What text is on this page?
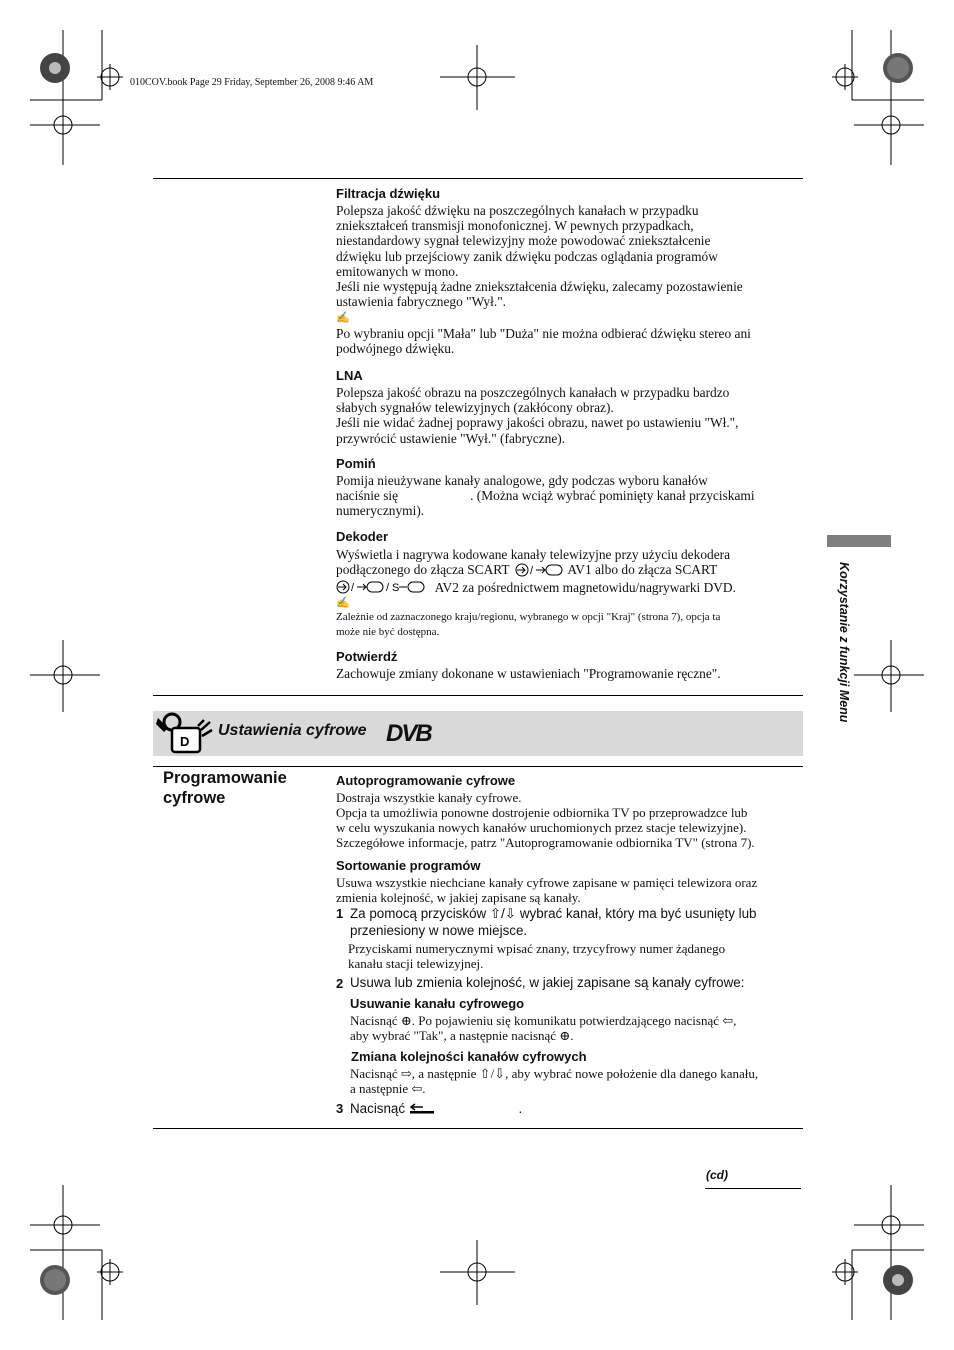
010COV.book Page 29 Friday, September 26, 2008 9:46 AM
Filtracja dźwięku
Polepsza jakość dźwięku na poszczególnych kanałach w przypadku
zniekształceń transmisji monofonicznej. W pewnych przypadkach,
niestandardowy sygnał telewizyjny może powodować zniekształcenie
dźwięku lub przejściowy zanik dźwięku podczas oglądania programów
emitowanych w mono.
Jeśli nie występują żadne zniekształcenia dźwięku, zalecamy pozostawienie
ustawienia fabrycznego "Wył.".
✍
Po wybraniu opcji "Mała" lub "Duża" nie można odbierać dźwięku stereo ani
podwójnego dźwięku.
LNA
Polepsza jakość obrazu na poszczególnych kanałach w przypadku bardzo
słabych sygnałów telewizyjnych (zakłócony obraz).
Jeśli nie widać żadnej poprawy jakości obrazu, nawet po ustawieniu "Wł.",
przywrócić ustawienie "Wył." (fabryczne).
Pomiń
Pomija nieużywane kanały analogowe, gdy podczas wyboru kanałów
naciśnie się	. (Można wciąż wybrać pominięty kanał przyciskami
numerycznymi).
Dekoder
Wyświetla i nagrywa kodowane kanały telewizyjne przy użyciu dekodera
podłączonego do złącza SCART /	AV1 albo do złącza SCART
/	/ S	AV2 za pośrednictwem magnetowidu/nagrywarki DVD.
✍
Zależnie od zaznaczonego kraju/regionu, wybranego w opcji "Kraj" (strona 7), opcja ta
może nie być dostępna.
Potwierdź
Zachowuje zmiany dokonane w ustawieniach "Programowanie ręczne".
D
Ustawienia cyfrowe DVB
Programowanie
cyfrowe
Autoprogramowanie cyfrowe
Dostraja wszystkie kanały cyfrowe.
Opcja ta umożliwia ponowne dostrojenie odbiornika TV po przeprowadzce lub
w celu wyszukania nowych kanałów uruchomionych przez stacje telewizyjne).
Szczegółowe informacje, patrz "Autoprogramowanie odbiornika TV" (strona 7).
Sortowanie programów
Usuwa wszystkie niechciane kanały cyfrowe zapisane w pamięci telewizora oraz
zmienia kolejność, w jakiej zapisane są kanały.
1 Za pomocą przycisków ⇧/⇩ wybrać kanał, który ma być usunięty lub
przeniesiony w nowe miejsce.
Przyciskami numerycznymi wpisać znany, trzycyfrowy numer żądanego
kanału stacji telewizyjnej.
2 Usuwa lub zmienia kolejność, w jakiej zapisane są kanały cyfrowe:
Usuwanie kanału cyfrowego
Nacisnąć ⊕. Po pojawieniu się komunikatu potwierdzającego nacisnąć ⇦,
aby wybrać "Tak", a następnie nacisnąć ⊕.
Zmiana kolejności kanałów cyfrowych
Nacisnąć ⇨, a następnie ⇧/⇩, aby wybrać nowe położenie dla danego kanału,
a następnie ⇦.
3 Nacisnąć	.
Korzystanie z funkcji Menu
(cd)
